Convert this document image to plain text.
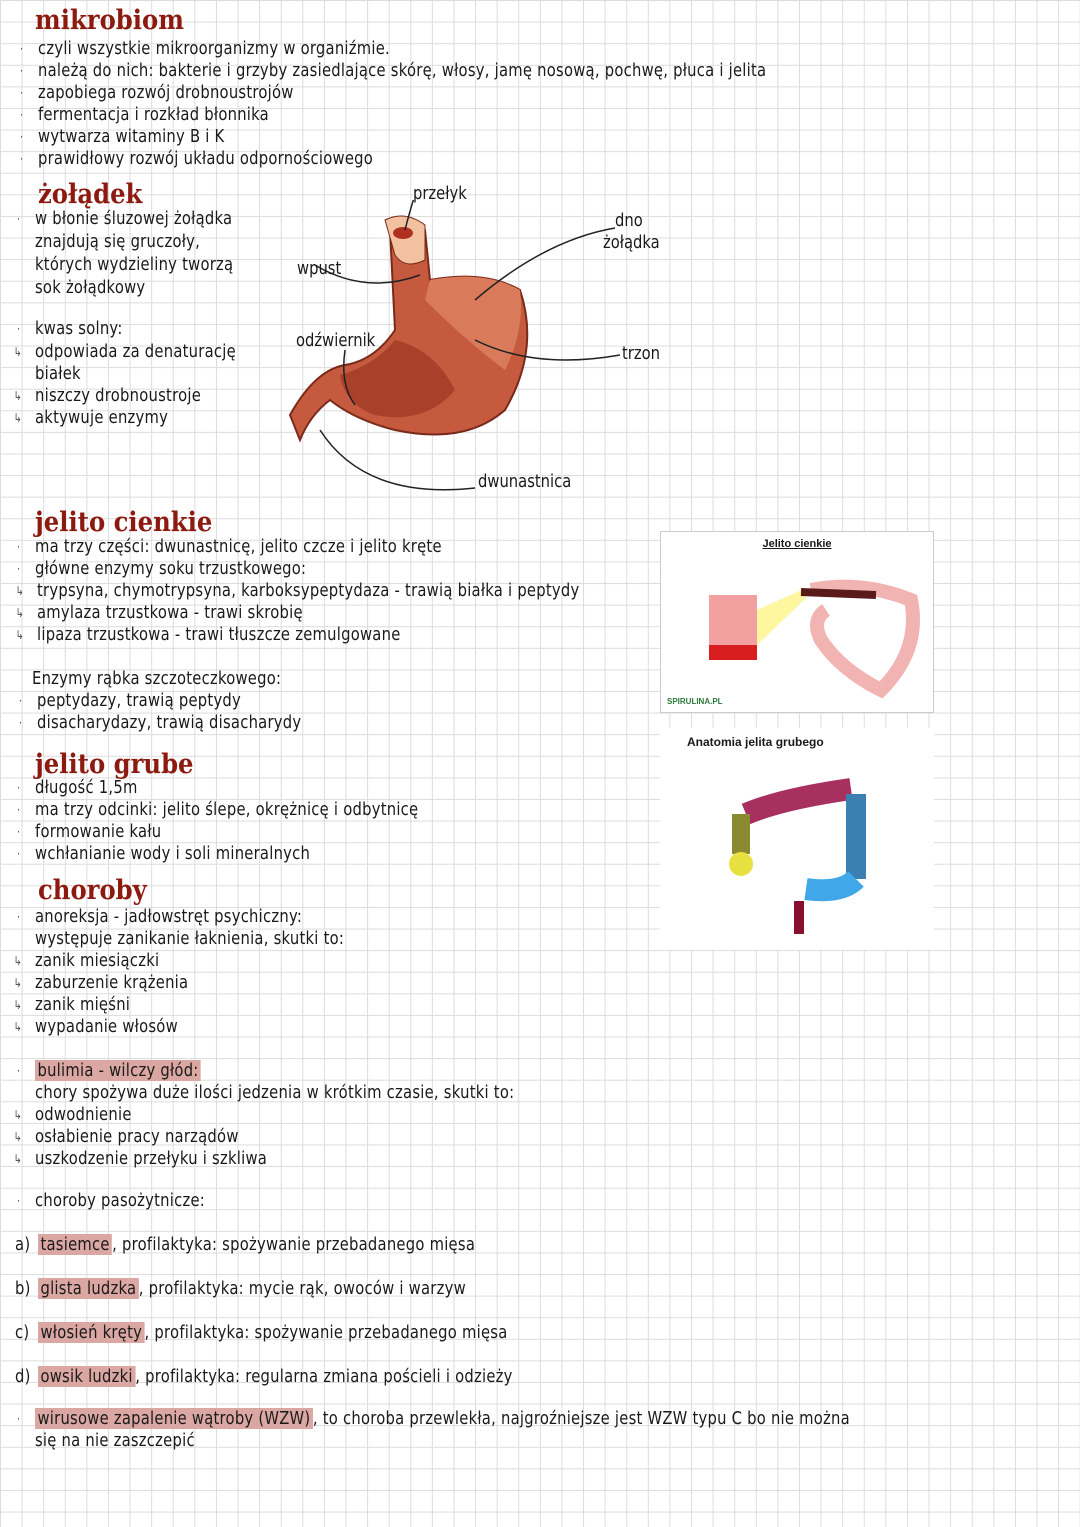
mikrobiom
żołądek	przełyk
dno
żołądka
wpust
odźwiernik
trzon
dwunastnica
jelito cienkie
Jelito cienkie
SPIRULINA.PL
jelito grube
Anatomia jelita grubego
choroby
· czyli wszystkie mikroorganizmy w organiźmie.
· należą do nich: bakterie i grzyby zasiedlające skórę, włosy, jamę nosową, pochwę, płuca i jelita
· zapobiega rozwój drobnoustrojów
· fermentacja i rozkład błonnika
· wytwarza witaminy B i K
· prawidłowy rozwój układu odpornościowego
· w błonie śluzowej żołądka
znajdują się gruczoły,
których wydzieliny tworzą
sok żołądkowy
· kwas solny:
↳ odpowiada za denaturację
białek
↳ niszczy drobnoustroje
↳ aktywuje enzymy
· ma trzy części: dwunastnicę, jelito czcze i jelito kręte
· główne enzymy soku trzustkowego:
↳ trypsyna, chymotrypsyna, karboksypeptydaza - trawią białka i peptydy
↳ amylaza trzustkowa - trawi skrobię
↳ lipaza trzustkowa - trawi tłuszcze zemulgowane
Enzymy rąbka szczoteczkowego:
· peptydazy, trawią peptydy
· disacharydazy, trawią disacharydy
· długość 1,5m
· ma trzy odcinki: jelito ślepe, okrężnicę i odbytnicę
· formowanie kału
· wchłanianie wody i soli mineralnych
· anoreksja - jadłowstręt psychiczny:
występuje zanikanie łaknienia, skutki to:
↳ zanik miesiączki
↳ zaburzenie krążenia
↳ zanik mięśni
↳ wypadanie włosów
· bulimia - wilczy głód:
chory spożywa duże ilości jedzenia w krótkim czasie, skutki to:
↳ odwodnienie
↳ osłabienie pracy narządów
↳ uszkodzenie przełyku i szkliwa
· choroby pasożytnicze:
a) tasiemce , profilaktyka: spożywanie przebadanego mięsa
b) glista ludzka , profilaktyka: mycie rąk, owoców i warzyw
c) włosień kręty , profilaktyka: spożywanie przebadanego mięsa
d) owsik ludzki , profilaktyka: regularna zmiana pościeli i odzieży
· wirusowe zapalenie wątroby (WZW) , to choroba przewlekła, najgroźniejsze jest WZW typu C bo nie można
się na nie zaszczepić
